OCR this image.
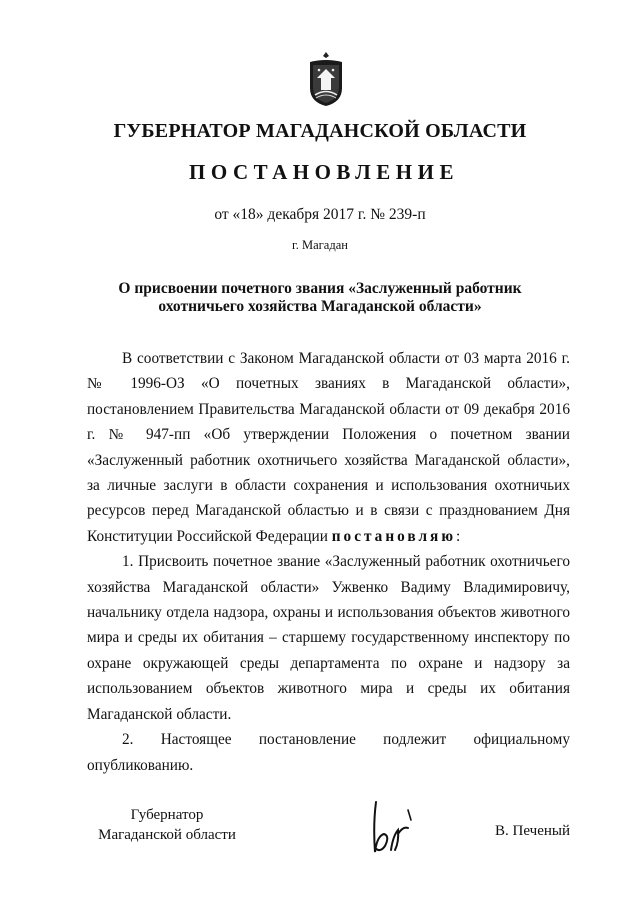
ГУБЕРНАТОР МАГАДАНСКОЙ ОБЛАСТИ
ПОСТАНОВЛЕНИЕ
от «18» декабря 2017 г. № 239-п
г. Магадан
О присвоении почетного звания «Заслуженный работник
охотничьего хозяйства Магаданской области»

В соответствии с Законом Магаданской области от 03 марта 2016 г. № 1996-ОЗ «О почетных званиях в Магаданской области», постановлением Правительства Магаданской области от 09 декабря 2016 г. № 947-пп «Об утверждении Положения о почетном звании «Заслуженный работник охотничьего хозяйства Магаданской области», за личные заслуги в области сохранения и использования охотничьих ресурсов перед Магаданской областью и в связи с празднованием Дня Конституции Российской Федерации постановляю:

1. Присвоить почетное звание «Заслуженный работник охотничьего хозяйства Магаданской области» Ужвенко Вадиму Владимировичу, начальнику отдела надзора, охраны и использования объектов животного мира и среды их обитания – старшему государственному инспектору по охране окружающей среды департамента по охране и надзору за использованием объектов животного мира и среды их обитания Магаданской области.

2. Настоящее постановление подлежит официальному опубликованию.

Губернатор
Магаданской области	В. Печеный
